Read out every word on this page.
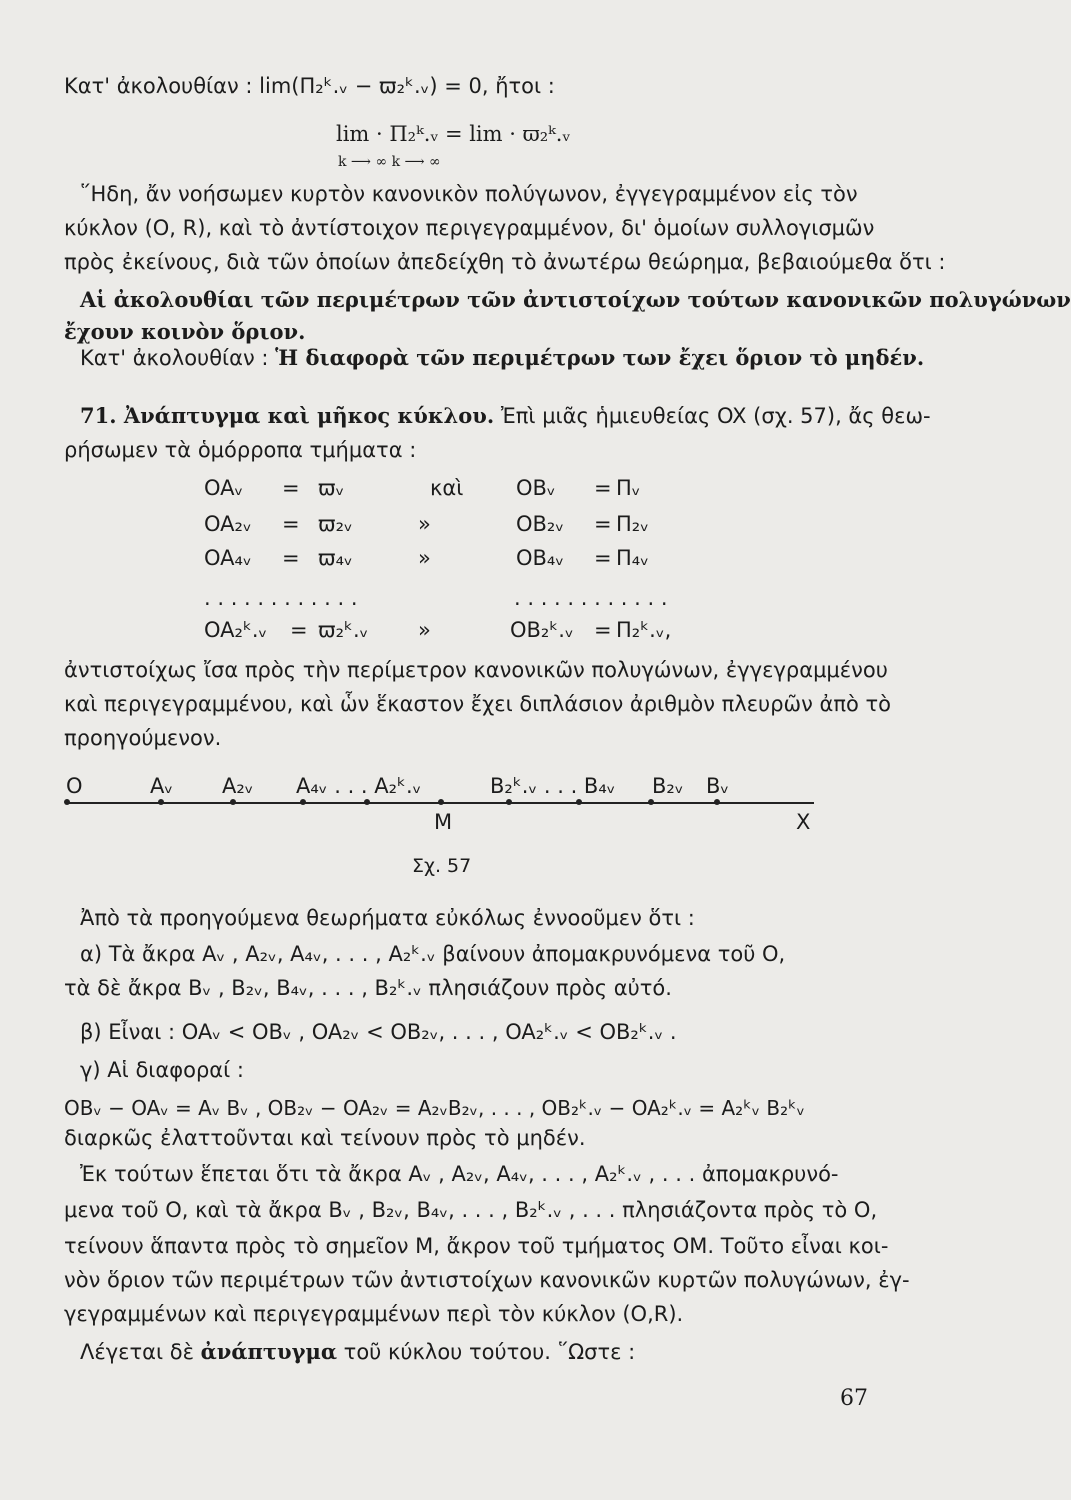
Κατ' ἀκολουθίαν : lim(Π₂ᵏ.ᵥ − ϖ₂ᵏ.ᵥ) = 0, ἤτοι :
lim · Π₂ᵏ.ᵥ = lim · ϖ₂ᵏ.ᵥ
k ⟶ ∞ k ⟶ ∞
῞Ηδη, ἄν νοήσωμεν κυρτὸν κανονικὸν πολύγωνον, ἐγγεγραμμένον εἰς τὸν
κύκλον (O, R), καὶ τὸ ἀντίστοιχον περιγεγραμμένον, δι' ὁμοίων συλλογισμῶν
πρὸς ἐκείνους, διὰ τῶν ὁποίων ἀπεδείχθη τὸ ἀνωτέρω θεώρημα, βεβαιούμεθα ὅτι :
Αἱ ἀκολουθίαι τῶν περιμέτρων τῶν ἀντιστοίχων τούτων κανονικῶν πολυγώνων
ἔχουν κοινὸν ὅριον.
Κατ' ἀκολουθίαν : Ἡ διαφορὰ τῶν περιμέτρων των ἔχει ὅριον τὸ μηδέν.
71. Ἀνάπτυγμα καὶ μῆκος κύκλου. Ἐπὶ μιᾶς ἡμιευθείας OX (σχ. 57), ἄς θεω-
ρήσωμεν τὰ ὁμόρροπα τμήματα :
OAᵥ = ϖᵥ	καὶ	OBᵥ = Πᵥ
OA₂ᵥ = ϖ₂ᵥ	»	OB₂ᵥ = Π₂ᵥ
OA₄ᵥ = ϖ₄ᵥ	»	OB₄ᵥ = Π₄ᵥ
. . . . . . . . . . . .	. . . . . . . . . . . .
OA₂ᵏ.ᵥ = ϖ₂ᵏ.ᵥ »	OB₂ᵏ.ᵥ = Π₂ᵏ.ᵥ,
ἀντιστοίχως ἴσα πρὸς τὴν περίμετρον κανονικῶν πολυγώνων, ἐγγεγραμμένου
καὶ περιγεγραμμένου, καὶ ὧν ἕκαστον ἔχει διπλάσιον ἀριθμὸν πλευρῶν ἀπὸ τὸ
προηγούμενον.
O	Aᵥ A₂ᵥ A₄ᵥ . . . A₂ᵏ.ᵥ	B₂ᵏ.ᵥ . . . B₄ᵥ B₂ᵥ Bᵥ
M	X
Σχ. 57
Ἀπὸ τὰ προηγούμενα θεωρήματα εὐκόλως ἐννοοῦμεν ὅτι :
α) Τὰ ἄκρα Aᵥ , A₂ᵥ, A₄ᵥ, . . . , A₂ᵏ.ᵥ βαίνουν ἀπομακρυνόμενα τοῦ O,
τὰ δὲ ἄκρα Bᵥ , B₂ᵥ, B₄ᵥ, . . . , B₂ᵏ.ᵥ πλησιάζουν πρὸς αὐτό.
β) Εἶναι : OAᵥ < OBᵥ , OA₂ᵥ < OB₂ᵥ, . . . , OA₂ᵏ.ᵥ < OB₂ᵏ.ᵥ .
γ) Αἱ διαφοραί :
OBᵥ − OAᵥ = Aᵥ Bᵥ , OB₂ᵥ − OA₂ᵥ = A₂ᵥB₂ᵥ, . . . , OB₂ᵏ.ᵥ − OA₂ᵏ.ᵥ = A₂ᵏᵥ B₂ᵏᵥ
διαρκῶς ἐλαττοῦνται καὶ τείνουν πρὸς τὸ μηδέν.
Ἐκ τούτων ἕπεται ὅτι τὰ ἄκρα Aᵥ , A₂ᵥ, A₄ᵥ, . . . , A₂ᵏ.ᵥ , . . . ἀπομακρυνό-
μενα τοῦ O, καὶ τὰ ἄκρα Bᵥ , B₂ᵥ, B₄ᵥ, . . . , B₂ᵏ.ᵥ , . . . πλησιάζοντα πρὸς τὸ O,
τείνουν ἅπαντα πρὸς τὸ σημεῖον M, ἄκρον τοῦ τμήματος OM. Τοῦτο εἶναι κοι-
νὸν ὅριον τῶν περιμέτρων τῶν ἀντιστοίχων κανονικῶν κυρτῶν πολυγώνων, ἐγ-
γεγραμμένων καὶ περιγεγραμμένων περὶ τὸν κύκλον (O,R).
Λέγεται δὲ ἀνάπτυγμα τοῦ κύκλου τούτου. ῞Ωστε :
67
